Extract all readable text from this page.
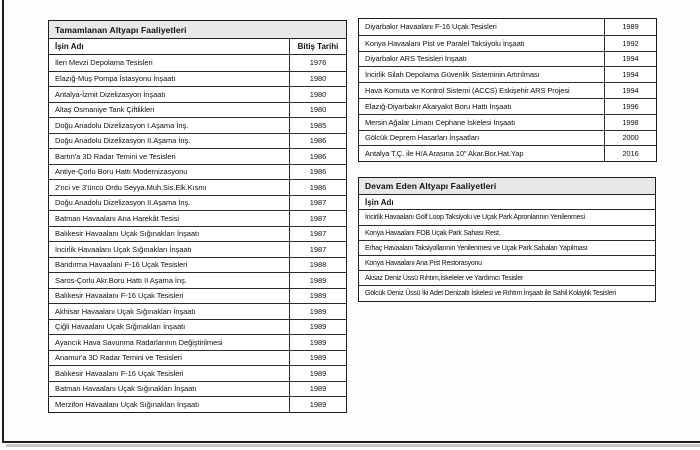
Tamamlanan Altyapı Faaliyetleri
İşin Adı	Bitiş Tarihi
İleri Mevzi Depolama Tesisleri	1976
Elazığ-Muş Pompa İstasyonu İnşaatı	1980
Antalya-İzmit Dizelizasyon İnşaatı	1980
Altaş Osmaniye Tank Çiftlikleri	1980
Doğu Anadolu Dizelizasyon I.Aşama İnş.	1985
Doğu Anadolu Dizelizasyon II.Aşama İnş.	1986
Bartın'a 3D Radar Temini ve Tesisleri	1986
Antiye-Çorlu Boru Hattı Modernizasyonu	1986
2'nci ve 3'üncü Ordu Seyya.Muh.Sis.Elk.Kısmı	1986
Doğu Anadolu Dizelizasyon II.Aşama İnş.	1987
Batman Havaalanı Ana Harekât Tesisi	1987
Balıkesir Havaalanı Uçak Sığınakları İnşaatı	1987
İncirlik Havaalanı Uçak Sığınakları İnşaatı	1987
Bandırma Havaalanı F-16 Uçak Tesisleri	1988
Saros-Çorlu Akr.Boru Hattı II Aşama İnş.	1989
Balıkesir Havaalanı F-16 Uçak Tesisleri	1989
Akhisar Havaalanı Uçak Sığınakları İnşaatı	1989
Çiğli Havaalanı Uçak Sığınakları İnşaatı	1989
Ayancık Hava Savunma Radarlarının Değiştirilmesi	1989
Anamur'a 3D Radar Temini ve Tesisleri	1989
Balıkesir Havaalanı F-16 Uçak Tesisleri	1989
Batman Havaalanı Uçak Sığınakları İnşaatı	1989
Merzifon Havaalanı Uçak Sığınakları İnşaatı	1989
Diyarbakır Havaalanı F-16 Uçak Tesisleri	1989
Konya Havaalanı Pist ve Paralel Taksiyolu İnşaatı	1992
Diyarbakır ARS Tesisleri İnşaatı	1994
İncirlik Silah Depolama Güvenlik Sisteminin Artırılması	1994
Hava Komuta ve Kontrol Sistemi (ACCS) Eskişehir ARS Projesi	1994
Elazığ-Diyarbakır Akaryakıt Boru Hattı İnşaatı	1996
Mersin Ağalar Limanı Cephane İskelesi İnşaatı	1998
Gölcük Deprem Hasarları İnşaatları	2000
Antalya T.Ç. ile H/A Arasına 10" Akar.Bor.Hat.Yap	2016
Devam Eden Altyapı Faaliyetleri
İşin Adı
İncirlik Havaalanı Golf Loop Taksiyolu ve Uçak Park Apronlarının Yenilenmesi
Konya Havaalanı FOB Uçak Park Sahası Rest.
Erhaç Havaalanı Taksiyollarının Yenilenmesi ve Uçak Park Sahaları Yapılması
Konya Havaalanı Ana Pist Restorasyonu
Aksaz Deniz Üssü Rıhtım,İskeleler ve Yardımcı Tesisler
Gölcük Deniz Üssü İki Adet Denizaltı İskelesi ve Rıhtım İnşaatı ile Sahil Kolaylık Tesisleri
